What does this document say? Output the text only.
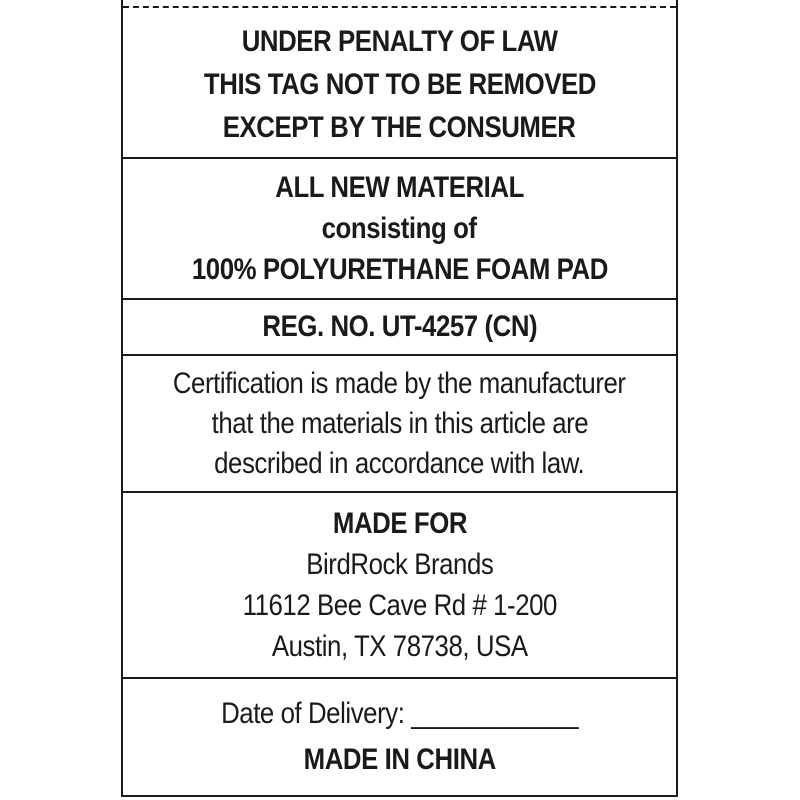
UNDER PENALTY OF LAW
THIS TAG NOT TO BE REMOVED
EXCEPT BY THE CONSUMER
ALL NEW MATERIAL
consisting of
100% POLYURETHANE FOAM PAD
REG. NO. UT-4257 (CN)
Certification is made by the manufacturer
that the materials in this article are
described in accordance with law.
MADE FOR
BirdRock Brands
11612 Bee Cave Rd # 1-200
Austin, TX 78738, USA
Date of Delivery: ____________
MADE IN CHINA
